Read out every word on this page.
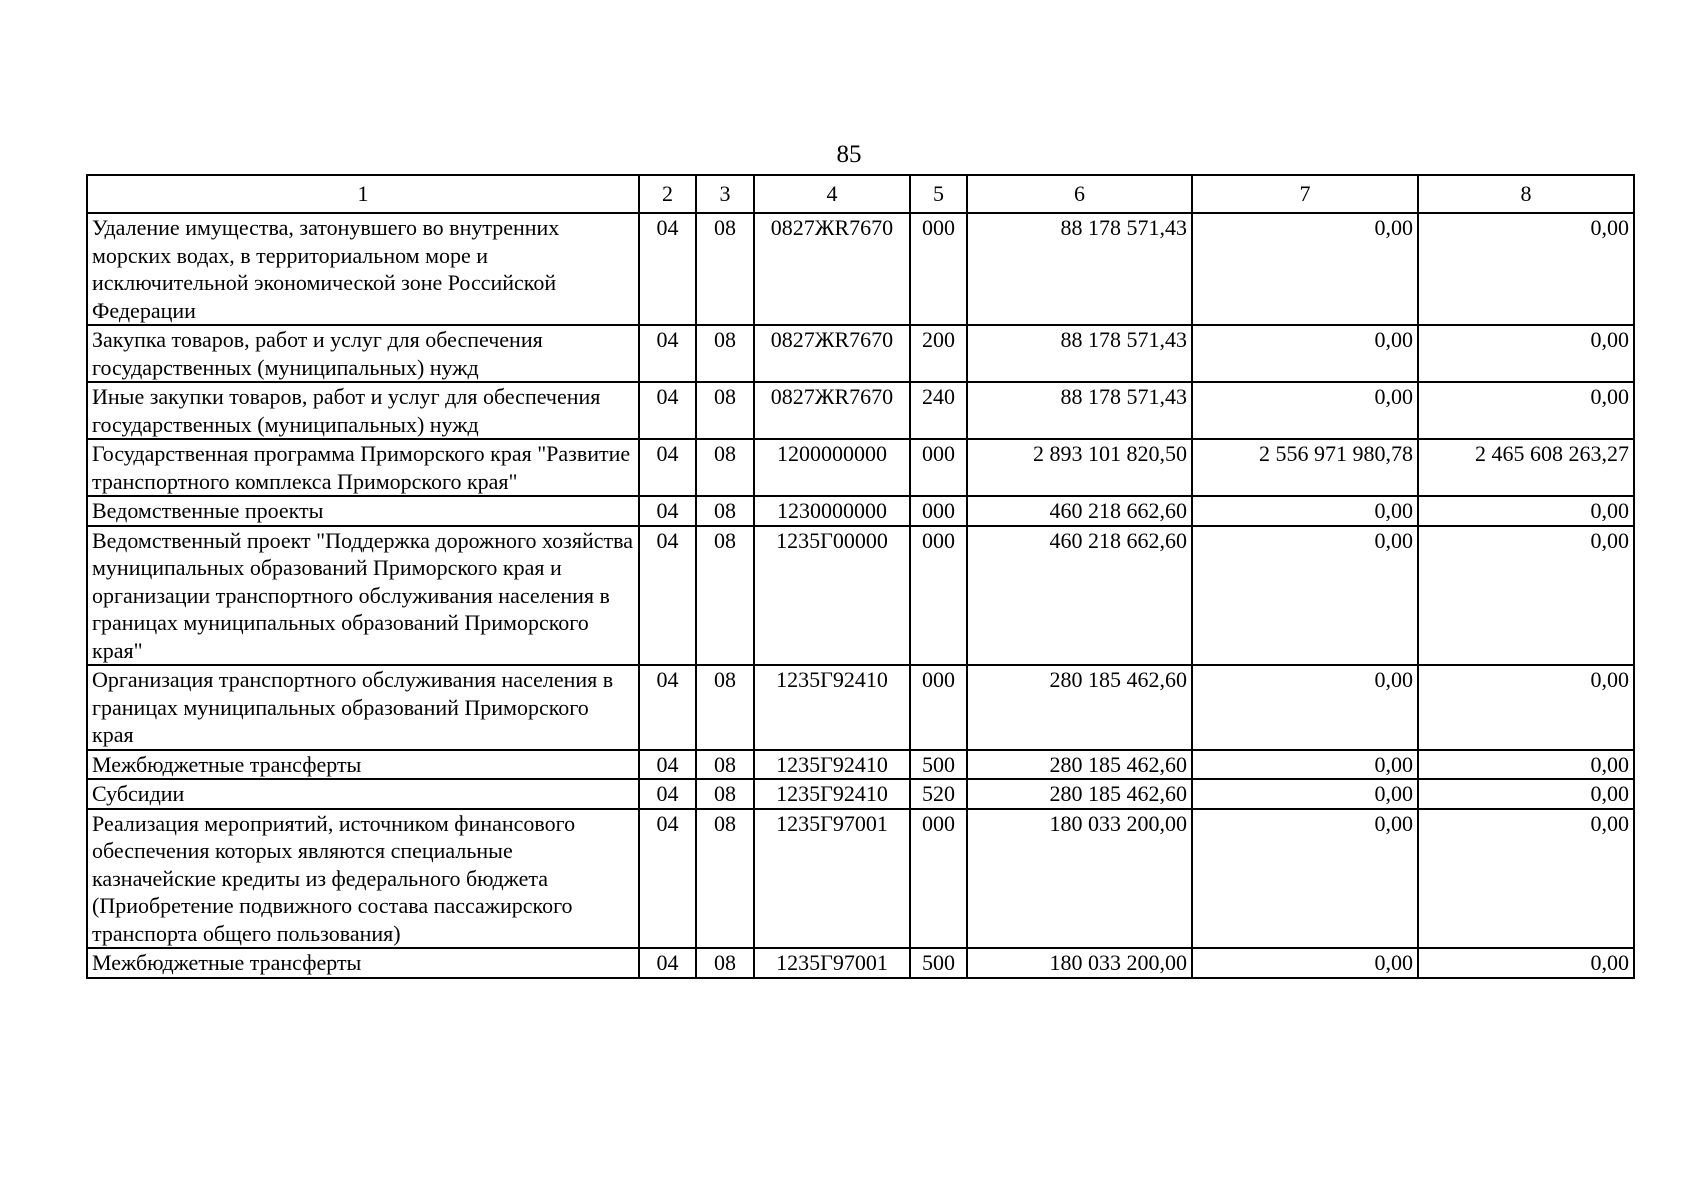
85
1	2	3	4	5	6	7	8
Удаление имущества, затонувшего во внутренних морских водах, в территориальном море и исключительной экономической зоне Российской Федерации	04	08	0827ЖR7670	000	88 178 571,43	0,00	0,00
Закупка товаров, работ и услуг для обеспечения государственных (муниципальных) нужд	04	08	0827ЖR7670	200	88 178 571,43	0,00	0,00
Иные закупки товаров, работ и услуг для обеспечения государственных (муниципальных) нужд	04	08	0827ЖR7670	240	88 178 571,43	0,00	0,00
Государственная программа Приморского края "Развитие транспортного комплекса Приморского края"	04	08	1200000000	000	2 893 101 820,50	2 556 971 980,78	2 465 608 263,27
Ведомственные проекты	04	08	1230000000	000	460 218 662,60	0,00	0,00
Ведомственный проект "Поддержка дорожного хозяйства муниципальных образований Приморского края и организации транспортного обслуживания населения в границах муниципальных образований Приморского края"	04	08	1235Г00000	000	460 218 662,60	0,00	0,00
Организация транспортного обслуживания населения в границах муниципальных образований Приморского края	04	08	1235Г92410	000	280 185 462,60	0,00	0,00
Межбюджетные трансферты	04	08	1235Г92410	500	280 185 462,60	0,00	0,00
Субсидии	04	08	1235Г92410	520	280 185 462,60	0,00	0,00
Реализация мероприятий, источником финансового обеспечения которых являются специальные казначейские кредиты из федерального бюджета (Приобретение подвижного состава пассажирского транспорта общего пользования)	04	08	1235Г97001	000	180 033 200,00	0,00	0,00
Межбюджетные трансферты	04	08	1235Г97001	500	180 033 200,00	0,00	0,00
